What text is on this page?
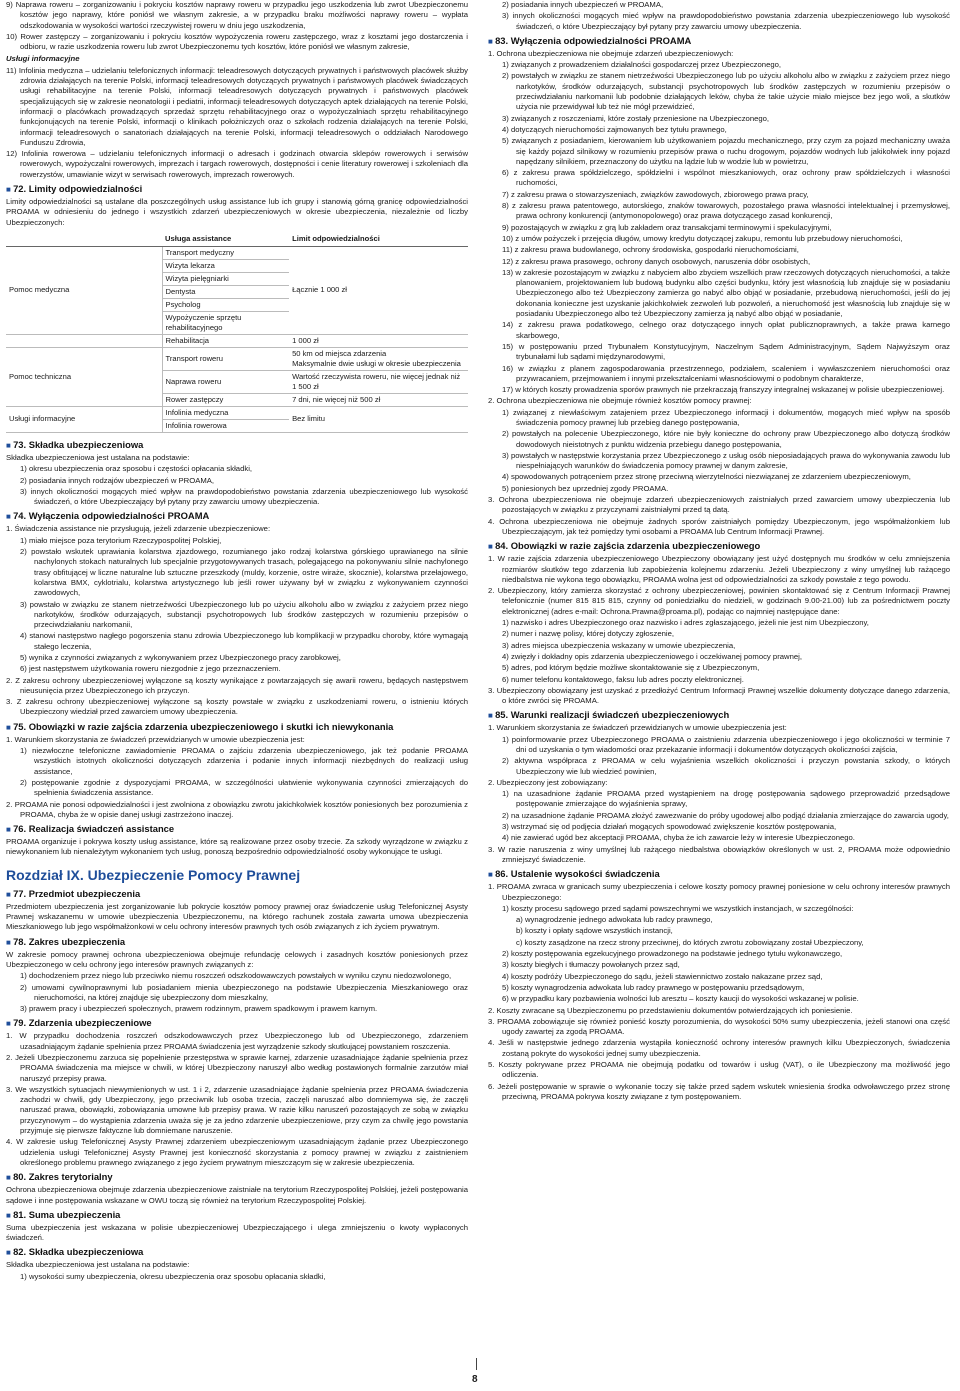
9) Naprawa roweru – zorganizowaniu i pokryciu kosztów naprawy roweru w przypadku jego uszkodzenia lub zwrot Ubezpieczonemu kosztów jego naprawy, które poniósł we własnym zakresie, a w przypadku braku możliwości naprawy roweru – wypłata odszkodowania w wysokości wartości rzeczywistej roweru w dniu jego uszkodzenia,

10) Rower zastępczy – zorganizowaniu i pokryciu kosztów wypożyczenia roweru zastępczego, wraz z kosztami jego dostarczenia i odbioru, w razie uszkodzenia roweru lub zwrot Ubezpieczonemu tych kosztów, które poniósł we własnym zakresie,

Usługi informacyjne

11) Infolinia medyczna – udzielaniu telefonicznych informacji: teleadresowych dotyczących prywatnych i państwowych placówek służby zdrowia działających na terenie Polski, informacji teleadresowych dotyczących prywatnych i państwowych placówek świadczących usługi rehabilitacyjne na terenie Polski, informacji teleadresowych dotyczących prywatnych i państwowych placówek specjalizujących się w zakresie neonatologii i pediatrii, informacji teleadresowych dotyczących aptek działających na terenie Polski, informacji o placówkach prowadzących sprzedaż sprzętu rehabilitacyjnego oraz o wypożyczalniach sprzętu rehabilitacyjnego funkcjonujących na terenie Polski, informacji o klinikach położniczych oraz o szkołach rodzenia działających na terenie Polski, informacji teleadresowych o sanatoriach działających na terenie Polski, informacji teleadresowych o oddziałach Narodowego Funduszu Zdrowia,

12) Infolinia rowerowa – udzielaniu telefonicznych informacji o adresach i godzinach otwarcia sklepów rowerowych i serwisów rowerowych, wypożyczalni rowerowych, imprezach i targach rowerowych, dostępności i cenie literatury rowerowej i szkoleniach dla rowerzystów, umawianie wizyt w serwisach rowerowych, imprezach rowerowych.

■ 72. Limity odpowiedzialności

Limity odpowiedzialności są ustalane dla poszczególnych usług assistance lub ich grupy i stanowią górną granicę odpowiedzialności PROAMA w odniesieniu do jednego i wszystkich zdarzeń ubezpieczeniowych w okresie ubezpieczenia, niezależnie od liczby Ubezpieczonych:

	Usługa assistance	Limit odpowiedzialności
Pomoc medyczna	Transport medyczny	Łącznie 1 000 zł
	Wizyta lekarza	
	Wizyta pielęgniarki	
	Dentysta	
	Psycholog	
	Wypożyczenie sprzętu rehabilitacyjnego	
	Rehabilitacja	1 000 zł
Pomoc techniczna	Transport roweru	50 km od miejsca zdarzenia
Maksymalnie dwie usługi w okresie ubezpieczenia
	Naprawa roweru	Wartość rzeczywista roweru, nie więcej jednak niż 1 500 zł
	Rower zastępczy	7 dni, nie więcej niż 500 zł
Usługi informacyjne	Infolinia medyczna	Bez limitu
	Infolinia rowerowa	
■ 73. Składka ubezpieczeniowa

Składka ubezpieczeniowa jest ustalana na podstawie:

1) okresu ubezpieczenia oraz sposobu i częstości opłacania składki,

2) posiadania innych rodzajów ubezpieczeń w PROAMA,

3) innych okoliczności mogących mieć wpływ na prawdopodobieństwo powstania zdarzenia ubezpieczeniowego lub wysokość świadczeń, o które Ubezpieczający był pytany przy zawarciu umowy ubezpieczenia.

■ 74. Wyłączenia odpowiedzialności PROAMA

1. Świadczenia assistance nie przysługują, jeżeli zdarzenie ubezpieczeniowe:

1) miało miejsce poza terytorium Rzeczypospolitej Polskiej,

2) powstało wskutek uprawiania kolarstwa zjazdowego, rozumianego jako rodzaj kolarstwa górskiego uprawianego na silnie nachylonych stokach naturalnych lub specjalnie przygotowywanych trasach, polegającego na pokonywaniu silnie nachylonego trasy obfitującej w liczne naturalne lub sztuczne przeszkody (muldy, korzenie, ostre wiraże, skocznie), kolarstwa przełajowego, kolarstwa BMX, cyklotrialu, kolarstwa artystycznego lub jeśli rower używany był w związku z wykonywaniem czynności zawodowych,

3) powstało w związku ze stanem nietrzeźwości Ubezpieczonego lub po użyciu alkoholu albo w związku z zażyciem przez niego narkotyków, środków odurzających, substancji psychotropowych lub środków zastępczych w rozumieniu przepisów o przeciwdziałaniu narkomanii,

4) stanowi następstwo nagłego pogorszenia stanu zdrowia Ubezpieczonego lub komplikacji w przypadku choroby, które wymagają stałego leczenia,

5) wynika z czynności związanych z wykonywaniem przez Ubezpieczonego pracy zarobkowej,

6) jest następstwem użytkowania roweru niezgodnie z jego przeznaczeniem.

2. Z zakresu ochrony ubezpieczeniowej wyłączone są koszty wynikające z powtarzających się awarii roweru, będących następstwem nieusunięcia przez Ubezpieczonego ich przyczyn.

3. Z zakresu ochrony ubezpieczeniowej wyłączone są koszty powstałe w związku z uszkodzeniami roweru, o istnieniu których Ubezpieczony wiedział przed zawarciem umowy ubezpieczenia.

■ 75. Obowiązki w razie zajścia zdarzenia ubezpieczeniowego i skutki ich niewykonania

1. Warunkiem skorzystania ze świadczeń przewidzianych w umowie ubezpieczenia jest:

1) niezwłoczne telefoniczne zawiadomienie PROAMA o zajściu zdarzenia ubezpieczeniowego, jak też podanie PROAMA wszystkich istotnych okoliczności dotyczących zdarzenia i podanie innych informacji niezbędnych do realizacji usług assistance,

2) postępowanie zgodnie z dyspozycjami PROAMA, w szczególności ułatwienie wykonywania czynności zmierzających do spełnienia świadczenia assistance.

2. PROAMA nie ponosi odpowiedzialności i jest zwolniona z obowiązku zwrotu jakichkolwiek kosztów poniesionych bez porozumienia z PROAMA, chyba że w opisie danej usługi zastrzeżono inaczej.

■ 76. Realizacja świadczeń assistance

PROAMA organizuje i pokrywa koszty usług assistance, które są realizowane przez osoby trzecie. Za szkody wyrządzone w związku z niewykonaniem lub nienależytym wykonaniem tych usług, ponoszą bezpośrednio odpowiedzialność osoby wykonujące te usługi.

Rozdział IX. Ubezpieczenie Pomocy Prawnej
■ 77. Przedmiot ubezpieczenia

Przedmiotem ubezpieczenia jest zorganizowanie lub pokrycie kosztów pomocy prawnej oraz świadczenie usług Telefonicznej Asysty Prawnej wskazanemu w umowie ubezpieczenia Ubezpieczonemu, na którego rachunek została zawarta umowa ubezpieczenia Mieszkaniowego lub jego współmałżonkowi w celu ochrony interesów prawnych tych osób związanych z ich życiem prywatnym.

■ 78. Zakres ubezpieczenia

W zakresie pomocy prawnej ochrona ubezpieczeniowa obejmuje refundację celowych i zasadnych kosztów poniesionych przez Ubezpieczonego w celu ochrony jego interesów prawnych związanych z:

1) dochodzeniem przez niego lub przeciwko niemu roszczeń odszkodowawczych powstałych w wyniku czynu niedozwolonego,

2) umowami cywilnoprawnymi lub posiadaniem mienia ubezpieczonego na podstawie Ubezpieczenia Mieszkaniowego oraz nieruchomości, na której znajduje się ubezpieczony dom mieszkalny,

3) prawem pracy i ubezpieczeń społecznych, prawem rodzinnym, prawem spadkowym i prawem karnym.

■ 79. Zdarzenia ubezpieczeniowe

1. W przypadku dochodzenia roszczeń odszkodowawczych przez Ubezpieczonego lub od Ubezpieczonego, zdarzeniem uzasadniającym żądanie spełnienia przez PROAMA świadczenia jest wyrządzenie szkody skutkującej powstaniem roszczenia.

2. Jeżeli Ubezpieczonemu zarzuca się popełnienie przestępstwa w sprawie karnej, zdarzenie uzasadniające żądanie spełnienia przez PROAMA świadczenia ma miejsce w chwili, w której Ubezpieczony naruszył albo według postawionych formalnie zarzutów miał naruszyć przepisy prawa.

3. We wszystkich sytuacjach niewymienionych w ust. 1 i 2, zdarzenie uzasadniające żądanie spełnienia przez PROAMA świadczenia zachodzi w chwili, gdy Ubezpieczony, jego przeciwnik lub osoba trzecia, zaczęli naruszać albo domniemywa się, że zaczęli naruszać prawa, obowiązki, zobowiązania umowne lub przepisy prawa. W razie kilku naruszeń pozostających ze sobą w związku przyczynowym – do wystąpienia zdarzenia uważa się je za jedno zdarzenie ubezpieczeniowe, przy czym za chwilę jego powstania przyjmuje się pierwsze faktyczne lub domniemane naruszenie.

4. W zakresie usług Telefonicznej Asysty Prawnej zdarzeniem ubezpieczeniowym uzasadniającym żądanie przez Ubezpieczonego udzielenia usługi Telefonicznej Asysty Prawnej jest konieczność skorzystania z pomocy prawnej w związku z zaistnieniem określonego problemu prawnego związanego z jego życiem prywatnym mieszczącym się w zakresie ubezpieczenia.

■ 80. Zakres terytorialny

Ochrona ubezpieczeniowa obejmuje zdarzenia ubezpieczeniowe zaistniałe na terytorium Rzeczypospolitej Polskiej, jeżeli postępowania sądowe i inne postępowania wskazane w OWU toczą się również na terytorium Rzeczypospolitej Polskiej.

■ 81. Suma ubezpieczenia

Suma ubezpieczenia jest wskazana w polisie ubezpieczeniowej Ubezpieczającego i ulega zmniejszeniu o kwoty wypłaconych świadczeń.

■ 82. Składka ubezpieczeniowa

Składka ubezpieczeniowa jest ustalana na podstawie:

1) wysokości sumy ubezpieczenia, okresu ubezpieczenia oraz sposobu opłacania składki,

2) posiadania innych ubezpieczeń w PROAMA,

3) innych okoliczności mogących mieć wpływ na prawdopodobieństwo powstania zdarzenia ubezpieczeniowego lub wysokość świadczeń, o które Ubezpieczający był pytany przy zawarciu umowy ubezpieczenia.

■ 83. Wyłączenia odpowiedzialności PROAMA

1. Ochrona ubezpieczeniowa nie obejmuje zdarzeń ubezpieczeniowych:

1) związanych z prowadzeniem działalności gospodarczej przez Ubezpieczonego,

2) powstałych w związku ze stanem nietrzeźwości Ubezpieczonego lub po użyciu alkoholu albo w związku z zażyciem przez niego narkotyków, środków odurzających, substancji psychotropowych lub środków zastępczych w rozumieniu przepisów o przeciwdziałaniu narkomanii lub podobnie działających leków, chyba że takie użycie miało miejsce bez jego woli, a skutków użycia nie przewidywał lub też nie mógł przewidzieć,

3) związanych z roszczeniami, które zostały przeniesione na Ubezpieczonego,

4) dotyczących nieruchomości zajmowanych bez tytułu prawnego,

5) związanych z posiadaniem, kierowaniem lub użytkowaniem pojazdu mechanicznego, przy czym za pojazd mechaniczny uważa się każdy pojazd silnikowy w rozumieniu przepisów prawa o ruchu drogowym, pojazdów wodnych lub jakikolwiek inny pojazd napędzany silnikiem, przeznaczony do użytku na lądzie lub w wodzie lub w powietrzu,

6) z zakresu prawa spółdzielczego, spółdzielni i wspólnot mieszkaniowych, oraz ochrony praw spółdzielczych i własności ruchomości,

7) z zakresu prawa o stowarzyszeniach, związków zawodowych, zbiorowego prawa pracy,

8) z zakresu prawa patentowego, autorskiego, znaków towarowych, pozostałego prawa własności intelektualnej i przemysłowej, prawa ochrony konkurencji (antymonopolowego) oraz prawa dotyczącego zasad konkurencji,

9) pozostających w związku z grą lub zakładem oraz transakcjami terminowymi i spekulacyjnymi,

10) z umów pożyczek i przejęcia długów, umowy kredytu dotyczącej zakupu, remontu lub przebudowy nieruchomości,

11) z zakresu prawa budowlanego, ochrony środowiska, gospodarki nieruchomościami,

12) z zakresu prawa prasowego, ochrony danych osobowych, naruszenia dóbr osobistych,

13) w zakresie pozostającym w związku z nabyciem albo zbyciem wszelkich praw rzeczowych dotyczących nieruchomości, a także planowaniem, projektowaniem lub budową budynku albo części budynku, który jest własnością lub znajduje się w posiadaniu Ubezpieczonego albo też Ubezpieczony zamierza go nabyć albo objąć w posiadanie, przebudową nieruchomości, jeśli do jej dokonania konieczne jest uzyskanie jakichkolwiek zezwoleń lub pozwoleń, a nieruchomość jest własnością lub znajduje się w posiadaniu Ubezpieczonego albo też Ubezpieczony zamierza ją nabyć albo objąć w posiadanie,

14) z zakresu prawa podatkowego, celnego oraz dotyczącego innych opłat publicznoprawnych, a także prawa karnego skarbowego,

15) w postępowaniu przed Trybunałem Konstytucyjnym, Naczelnym Sądem Administracyjnym, Sądem Najwyższym oraz trybunałami lub sądami międzynarodowymi,

16) w związku z planem zagospodarowania przestrzennego, podziałem, scaleniem i wywłaszczeniem nieruchomości oraz przywracaniem, przejmowaniem i innymi przekształceniami własnościowymi o podobnym charakterze,

17) w których koszty prowadzenia sporów prawnych nie przekraczają franszyzy integralnej wskazanej w polisie ubezpieczeniowej.

2. Ochrona ubezpieczeniowa nie obejmuje również kosztów pomocy prawnej:

1) związanej z niewłaściwym zatajeniem przez Ubezpieczonego informacji i dokumentów, mogących mieć wpływ na sposób świadczenia pomocy prawnej lub przebieg danego postępowania,

2) powstałych na polecenie Ubezpieczonego, które nie były konieczne do ochrony praw Ubezpieczonego albo dotyczą środków dowodowych nieistotnych z punktu widzenia przebiegu danego postępowania,

3) powstałych w następstwie korzystania przez Ubezpieczonego z usług osób nieposiadających prawa do wykonywania zawodu lub niespełniających warunków do świadczenia pomocy prawnej w danym zakresie,

4) spowodowanych potrąceniem przez stronę przeciwną wierzytelności niezwiązanej ze zdarzeniem ubezpieczeniowym,

5) poniesionych bez uprzedniej zgody PROAMA.

3. Ochrona ubezpieczeniowa nie obejmuje zdarzeń ubezpieczeniowych zaistniałych przed zawarciem umowy ubezpieczenia lub pozostających w związku z przyczynami zaistniałymi przed tą datą.

4. Ochrona ubezpieczeniowa nie obejmuje żadnych sporów zaistniałych pomiędzy Ubezpieczonym, jego współmałżonkiem lub Ubezpieczającym, jak też pomiędzy tymi osobami a PROAMA lub Centrum Informacji Prawnej.

■ 84. Obowiązki w razie zajścia zdarzenia ubezpieczeniowego

1. W razie zajścia zdarzenia ubezpieczeniowego Ubezpieczony obowiązany jest użyć dostępnych mu środków w celu zmniejszenia rozmiarów skutków tego zdarzenia lub zapobieżenia kolejnemu zdarzeniu. Jeżeli Ubezpieczony z winy umyślnej lub rażącego niedbalstwa nie wykona tego obowiązku, PROAMA wolna jest od odpowiedzialności za szkody powstałe z tego powodu.

2. Ubezpieczony, który zamierza skorzystać z ochrony ubezpieczeniowej, powinien skontaktować się z Centrum Informacji Prawnej telefonicznie (numer 815 815 815, czynny od poniedziałku do niedzieli, w godzinach 9.00-21.00) lub za pośrednictwem poczty elektronicznej (adres e-mail: Ochrona.Prawna@proama.pl), podając co najmniej następujące dane:

1) nazwisko i adres Ubezpieczonego oraz nazwisko i adres zgłaszającego, jeżeli nie jest nim Ubezpieczony,

2) numer i nazwę polisy, której dotyczy zgłoszenie,

3) adres miejsca ubezpieczenia wskazany w umowie ubezpieczenia,

4) zwięzły i dokładny opis zdarzenia ubezpieczeniowego i oczekiwanej pomocy prawnej,

5) adres, pod którym będzie możliwe skontaktowanie się z Ubezpieczonym,

6) numer telefonu kontaktowego, faksu lub adres poczty elektronicznej.

3. Ubezpieczony obowiązany jest uzyskać z przedłożyć Centrum Informacji Prawnej wszelkie dokumenty dotyczące danego zdarzenia, o które zwróci się PROAMA.

■ 85. Warunki realizacji świadczeń ubezpieczeniowych

1. Warunkiem skorzystania ze świadczeń przewidzianych w umowie ubezpieczenia jest:

1) poinformowanie przez Ubezpieczonego PROAMA o zaistnieniu zdarzenia ubezpieczeniowego i jego okoliczności w terminie 7 dni od uzyskania o tym wiadomości oraz przekazanie informacji i dokumentów dotyczących okoliczności zajścia,

2) aktywna współpraca z PROAMA w celu wyjaśnienia wszelkich okoliczności i przyczyn powstania szkody, o których Ubezpieczony wie lub wiedzieć powinien,

2. Ubezpieczony jest zobowiązany:

1) na uzasadnione żądanie PROAMA przed wystąpieniem na drogę postępowania sądowego przeprowadzić przedsądowe postępowanie zmierzające do wyjaśnienia sprawy,

2) na uzasadnione żądanie PROAMA złożyć zawezwanie do próby ugodowej albo podjąć działania zmierzające do zawarcia ugody,

3) wstrzymać się od podjęcia działań mogących spowodować zwiększenie kosztów postępowania,

4) nie zawierać ugód bez akceptacji PROAMA, chyba że ich zawarcie leży w interesie Ubezpieczonego.

3. W razie naruszenia z winy umyślnej lub rażącego niedbalstwa obowiązków określonych w ust. 2, PROAMA może odpowiednio zmniejszyć świadczenie.

■ 86. Ustalenie wysokości świadczenia

1. PROAMA zwraca w granicach sumy ubezpieczenia i celowe koszty pomocy prawnej poniesione w celu ochrony interesów prawnych Ubezpieczonego:

1) koszty procesu sądowego przed sądami powszechnymi we wszystkich instancjach, w szczególności:

a) wynagrodzenie jednego adwokata lub radcy prawnego,

b) koszty i opłaty sądowe wszystkich instancji,

c) koszty zasądzone na rzecz strony przeciwnej, do których zwrotu zobowiązany został Ubezpieczony,

2) koszty postępowania egzekucyjnego prowadzonego na podstawie jednego tytułu wykonawczego,

3) koszty biegłych i tłumaczy powołanych przez sąd,

4) koszty podróży Ubezpieczonego do sądu, jeżeli stawiennictwo zostało nakazane przez sąd,

5) koszty wynagrodzenia adwokata lub radcy prawnego w postępowaniu przedsądowym,

6) w przypadku kary pozbawienia wolności lub aresztu – koszty kaucji do wysokości wskazanej w polisie.

2. Koszty zwracane są Ubezpieczonemu po przedstawieniu dokumentów potwierdzających ich poniesienie.

3. PROAMA zobowiązuje się również ponieść koszty porozumienia, do wysokości 50% sumy ubezpieczenia, jeżeli stanowi ona część ugody zawartej za zgodą PROAMA.

4. Jeśli w następstwie jednego zdarzenia wystąpiła konieczność ochrony interesów prawnych kilku Ubezpieczonych, świadczenia zostaną pokryte do wysokości jednej sumy ubezpieczenia.

5. Koszty pokrywane przez PROAMA nie obejmują podatku od towarów i usług (VAT), o ile Ubezpieczony ma możliwość jego odliczenia.

6. Jeżeli postępowanie w sprawie o wykonanie toczy się także przed sądem wskutek wniesienia środka odwoławczego przez stronę przeciwną, PROAMA pokrywa koszty związane z tym postępowaniem.

8
